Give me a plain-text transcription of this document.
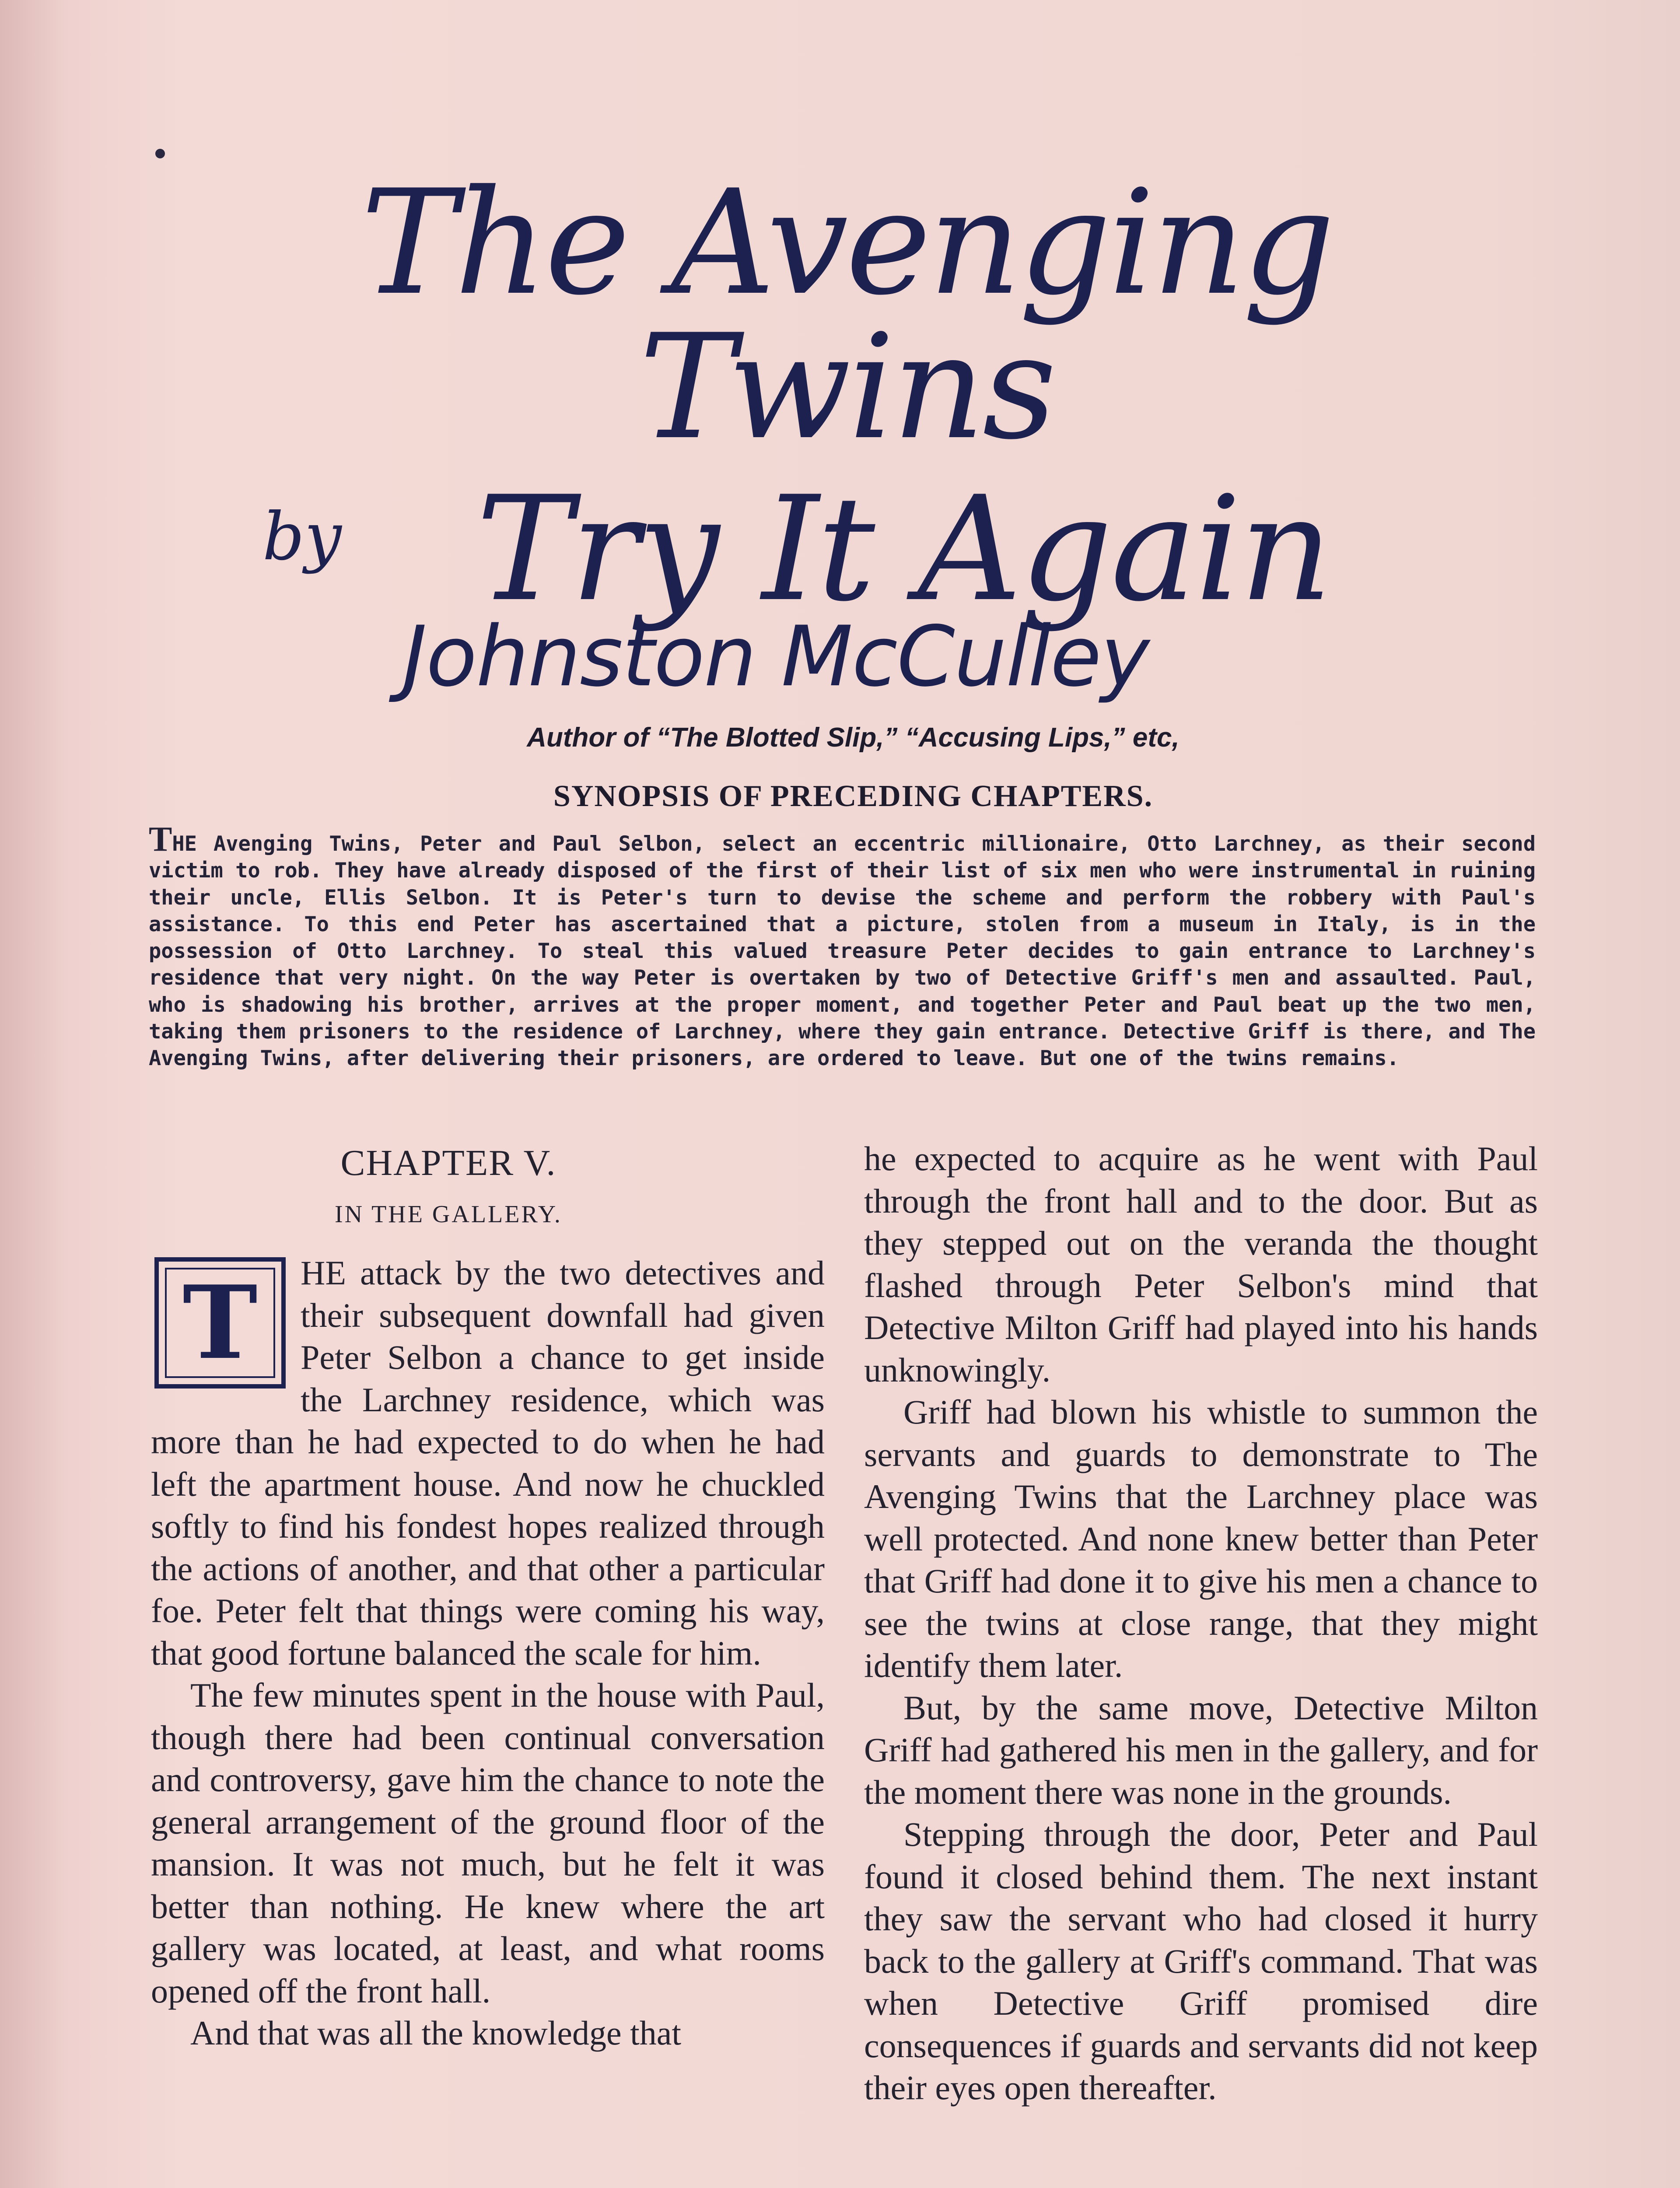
The Avenging Twins
Try It Again
by
Johnston McCulley
Author of “The Blotted Slip,” “Accusing Lips,” etc,
SYNOPSIS OF PRECEDING CHAPTERS.
THE Avenging Twins, Peter and Paul Selbon, select an eccentric millionaire, Otto Larchney, as their second victim to rob. They have already disposed of the first of their list of six men who were instrumental in ruining their uncle, Ellis Selbon. It is Peter's turn to devise the scheme and perform the robbery with Paul's assistance. To this end Peter has ascertained that a picture, stolen from a museum in Italy, is in the possession of Otto Larchney. To steal this valued treasure Peter decides to gain entrance to Larchney's residence that very night. On the way Peter is overtaken by two of Detective Griff's men and assaulted. Paul, who is shadowing his brother, arrives at the proper moment, and together Peter and Paul beat up the two men, taking them prisoners to the residence of Larchney, where they gain entrance. Detective Griff is there, and The Avenging Twins, after delivering their prisoners, are ordered to leave. But one of the twins remains.
CHAPTER V.
IN THE GALLERY.
T	HE attack by the two detectives and their subsequent downfall had given Peter Selbon a chance to get inside the Larchney residence, which was more than he had expected to do when he had left the apartment house. And now he chuckled softly to find his fondest hopes realized through the actions of another, and that other a particular foe. Peter felt that things were coming his way, that good fortune balanced the scale for him.

The few minutes spent in the house with Paul, though there had been continual conversation and controversy, gave him the chance to note the general arrangement of the ground floor of the mansion. It was not much, but he felt it was better than nothing. He knew where the art gallery was located, at least, and what rooms opened off the front hall.

And that was all the knowledge that

he expected to acquire as he went with Paul through the front hall and to the door. But as they stepped out on the veranda the thought flashed through Peter Selbon's mind that Detective Milton Griff had played into his hands unknowingly.

Griff had blown his whistle to summon the servants and guards to demonstrate to The Avenging Twins that the Larchney place was well protected. And none knew better than Peter that Griff had done it to give his men a chance to see the twins at close range, that they might identify them later.

But, by the same move, Detective Milton Griff had gathered his men in the gallery, and for the moment there was none in the grounds.

Stepping through the door, Peter and Paul found it closed behind them. The next instant they saw the servant who had closed it hurry back to the gallery at Griff's command. That was when Detective Griff promised dire consequences if guards and servants did not keep their eyes open thereafter.
